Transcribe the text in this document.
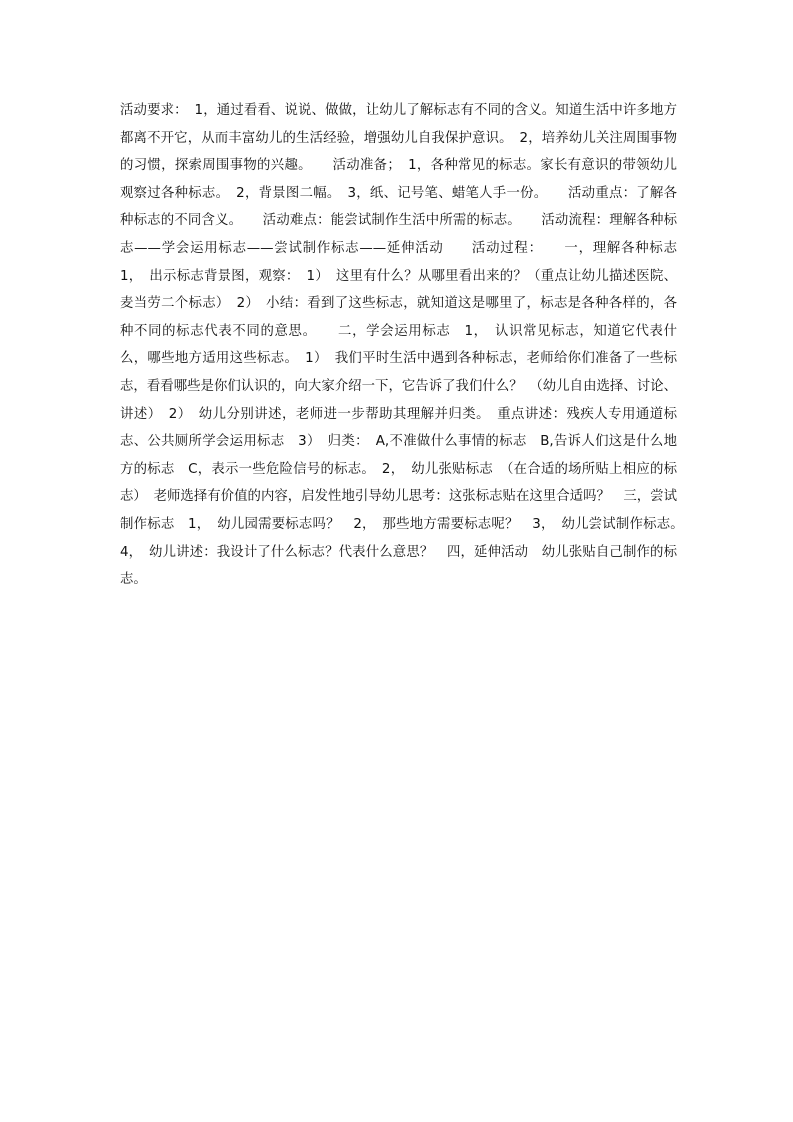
活动要求：　1，通过看看、说说、做做，让幼儿了解标志有不同的含义。知道生活中许多地方都离不开它，从而丰富幼儿的生活经验，增强幼儿自我保护意识。　2，培养幼儿关注周围事物的习惯，探索周围事物的兴趣。　　活动准备；　1，各种常见的标志。家长有意识的带领幼儿观察过各种标志。　2，背景图二幅。　3，纸、记号笔、蜡笔人手一份。　　活动重点：了解各种标志的不同含义。　　活动难点：能尝试制作生活中所需的标志。　　活动流程：理解各种标志——学会运用标志——尝试制作标志——延伸活动　　活动过程：　　一，理解各种标志　1，　出示标志背景图，观察：　1）　这里有什么？从哪里看出来的？（重点让幼儿描述医院、麦当劳二个标志）　2）　小结：看到了这些标志，就知道这是哪里了，标志是各种各样的，各种不同的标志代表不同的意思。　　二，学会运用标志　1，　认识常见标志，知道它代表什么，哪些地方适用这些标志。　1）　我们平时生活中遇到各种标志，老师给你们准备了一些标志，看看哪些是你们认识的，向大家介绍一下，它告诉了我们什么？　（幼儿自由选择、讨论、讲述）　2）　幼儿分别讲述，老师进一步帮助其理解并归类。　重点讲述：残疾人专用通道标志、公共厕所学会运用标志　3）　归类：　A,不准做什么事情的标志　B,告诉人们这是什么地方的标志　C，表示一些危险信号的标志。　2，　幼儿张贴标志　（在合适的场所贴上相应的标志）　老师选择有价值的内容，启发性地引导幼儿思考：这张标志贴在这里合适吗？　三，尝试制作标志　1，　幼儿园需要标志吗？　2，　那些地方需要标志呢？　3，　幼儿尝试制作标志。　4，　幼儿讲述：我设计了什么标志？代表什么意思？　四，延伸活动　幼儿张贴自己制作的标志。
